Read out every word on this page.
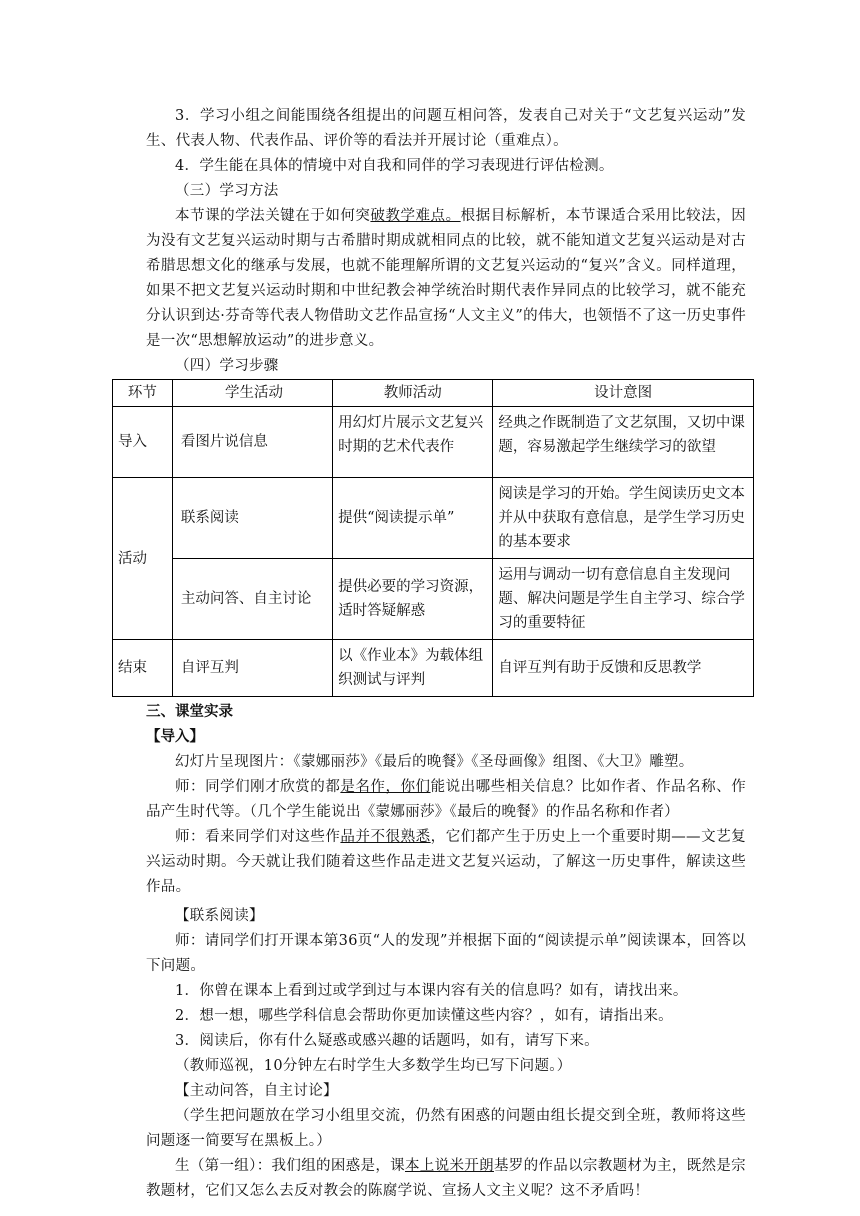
3．学习小组之间能围绕各组提出的问题互相问答，发表自己对关于“文艺复兴运动”发生、代表人物、代表作品、评价等的看法并开展讨论（重难点）。

4．学生能在具体的情境中对自我和同伴的学习表现进行评估检测。

（三）学习方法

本节课的学法关键在于如何突破教学难点。根据目标解析，本节课适合采用比较法，因为没有文艺复兴运动时期与古希腊时期成就相同点的比较，就不能知道文艺复兴运动是对古希腊思想文化的继承与发展，也就不能理解所谓的文艺复兴运动的“复兴”含义。同样道理，如果不把文艺复兴运动时期和中世纪教会神学统治时期代表作异同点的比较学习，就不能充分认识到达·芬奇等代表人物借助文艺作品宣扬“人文主义”的伟大，也领悟不了这一历史事件是一次“思想解放运动”的进步意义。

（四）学习步骤

环节	学生活动	教师活动	设计意图
导入	看图片说信息	用幻灯片展示文艺复兴时期的艺术代表作	经典之作既制造了文艺氛围，又切中课题，容易激起学生继续学习的欲望
活动	联系阅读	提供“阅读提示单”	阅读是学习的开始。学生阅读历史文本并从中获取有意信息，是学生学习历史的基本要求
	主动问答、自主讨论	提供必要的学习资源，适时答疑解惑	运用与调动一切有意信息自主发现问题、解决问题是学生自主学习、综合学习的重要特征
结束	自评互判	以《作业本》为载体组织测试与评判	自评互判有助于反馈和反思教学

三、课堂实录

【导入】

幻灯片呈现图片：《蒙娜丽莎》《最后的晚餐》《圣母画像》组图、《大卫》雕塑。

师：同学们刚才欣赏的都是名作，你们能说出哪些相关信息？比如作者、作品名称、作品产生时代等。（几个学生能说出《蒙娜丽莎》《最后的晚餐》的作品名称和作者）

师：看来同学们对这些作品并不很熟悉，它们都产生于历史上一个重要时期——文艺复兴运动时期。今天就让我们随着这些作品走进文艺复兴运动，了解这一历史事件，解读这些作品。

【联系阅读】

师：请同学们打开课本第36页“人的发现”并根据下面的“阅读提示单”阅读课本，回答以下问题。

1．你曾在课本上看到过或学到过与本课内容有关的信息吗？如有，请找出来。

2．想一想，哪些学科信息会帮助你更加读懂这些内容？，如有，请指出来。

3．阅读后，你有什么疑惑或感兴趣的话题吗，如有，请写下来。

（教师巡视，10分钟左右时学生大多数学生均已写下问题。）

【主动问答，自主讨论】

（学生把问题放在学习小组里交流，仍然有困惑的问题由组长提交到全班，教师将这些问题逐一简要写在黑板上。）

生（第一组）：我们组的困惑是，课本上说米开朗基罗的作品以宗教题材为主，既然是宗教题材，它们又怎么去反对教会的陈腐学说、宣扬人文主义呢？这不矛盾吗！
